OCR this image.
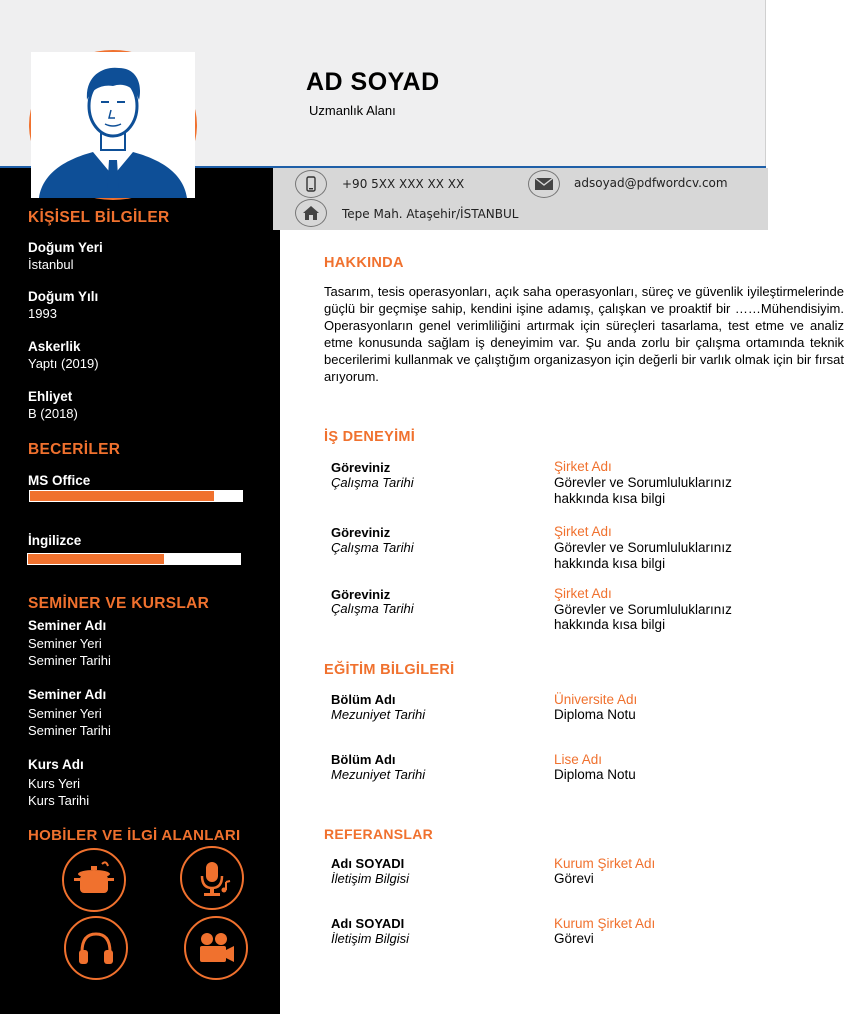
AD SOYAD
Uzmanlık Alanı
+90 5XX XXX XX XX	adsoyad@pdfwordcv.com
Tepe Mah. Ataşehir/İSTANBUL
KİŞİSEL BİLGİLER
Doğum Yeri
İstanbul
Doğum Yılı
1993
Askerlik
Yaptı (2019)
Ehliyet
B (2018)
BECERİLER
MS Office
İngilizce
SEMİNER VE KURSLAR
Seminer Adı
Seminer Yeri
Seminer Tarihi
Seminer Adı
Seminer Yeri
Seminer Tarihi
Kurs Adı
Kurs Yeri
Kurs Tarihi
HOBİLER VE İLGİ ALANLARI
HAKKINDA
Tasarım, tesis operasyonları, açık saha operasyonları, süreç ve güvenlik iyileştirmelerinde güçlü bir geçmişe sahip, kendini işine adamış, çalışkan ve proaktif bir ……Mühendisiyim. Operasyonların genel verimliliğini artırmak için süreçleri tasarlama, test etme ve analiz etme konusunda sağlam iş deneyimim var. Şu anda zorlu bir çalışma ortamında teknik becerilerimi kullanmak ve çalıştığım organizasyon için değerli bir varlık olmak için bir fırsat arıyorum.
İŞ DENEYİMİ
Göreviniz
Çalışma Tarihi
Şirket Adı
Görevler ve Sorumluluklarınız
hakkında kısa bilgi
Göreviniz
Çalışma Tarihi
Şirket Adı
Görevler ve Sorumluluklarınız
hakkında kısa bilgi
Göreviniz
Çalışma Tarihi
Şirket Adı
Görevler ve Sorumluluklarınız
hakkında kısa bilgi
EĞİTİM BİLGİLERİ
Bölüm Adı
Mezuniyet Tarihi
Üniversite Adı
Diploma Notu
Bölüm Adı
Mezuniyet Tarihi
Lise Adı
Diploma Notu
REFERANSLAR
Adı SOYADI
İletişim Bilgisi
Kurum Şirket Adı
Görevi
Adı SOYADI
İletişim Bilgisi
Kurum Şirket Adı
Görevi
